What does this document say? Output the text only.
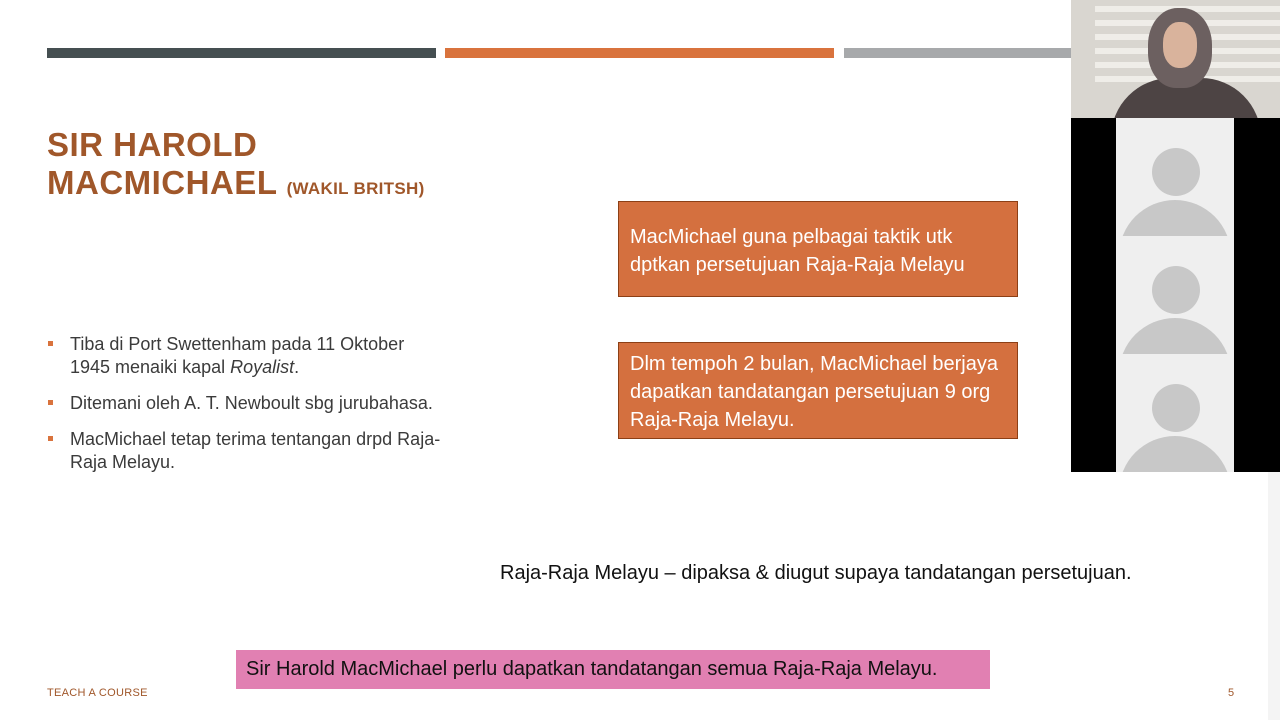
SIR HAROLD
MACMICHAEL (WAKIL BRITSH)
Tiba di Port Swettenham pada 11 Oktober 1945 menaiki kapal Royalist.
Ditemani oleh A. T. Newboult sbg jurubahasa.
MacMichael tetap terima tentangan drpd Raja-Raja Melayu.
MacMichael guna pelbagai taktik utk dptkan persetujuan Raja-Raja Melayu
Dlm tempoh 2 bulan, MacMichael berjaya dapatkan tandatangan persetujuan 9 org Raja-Raja Melayu.
Raja-Raja Melayu – dipaksa & diugut supaya tandatangan persetujuan.
Sir Harold MacMichael perlu dapatkan tandatangan semua Raja-Raja Melayu.
TEACH A COURSE	5
